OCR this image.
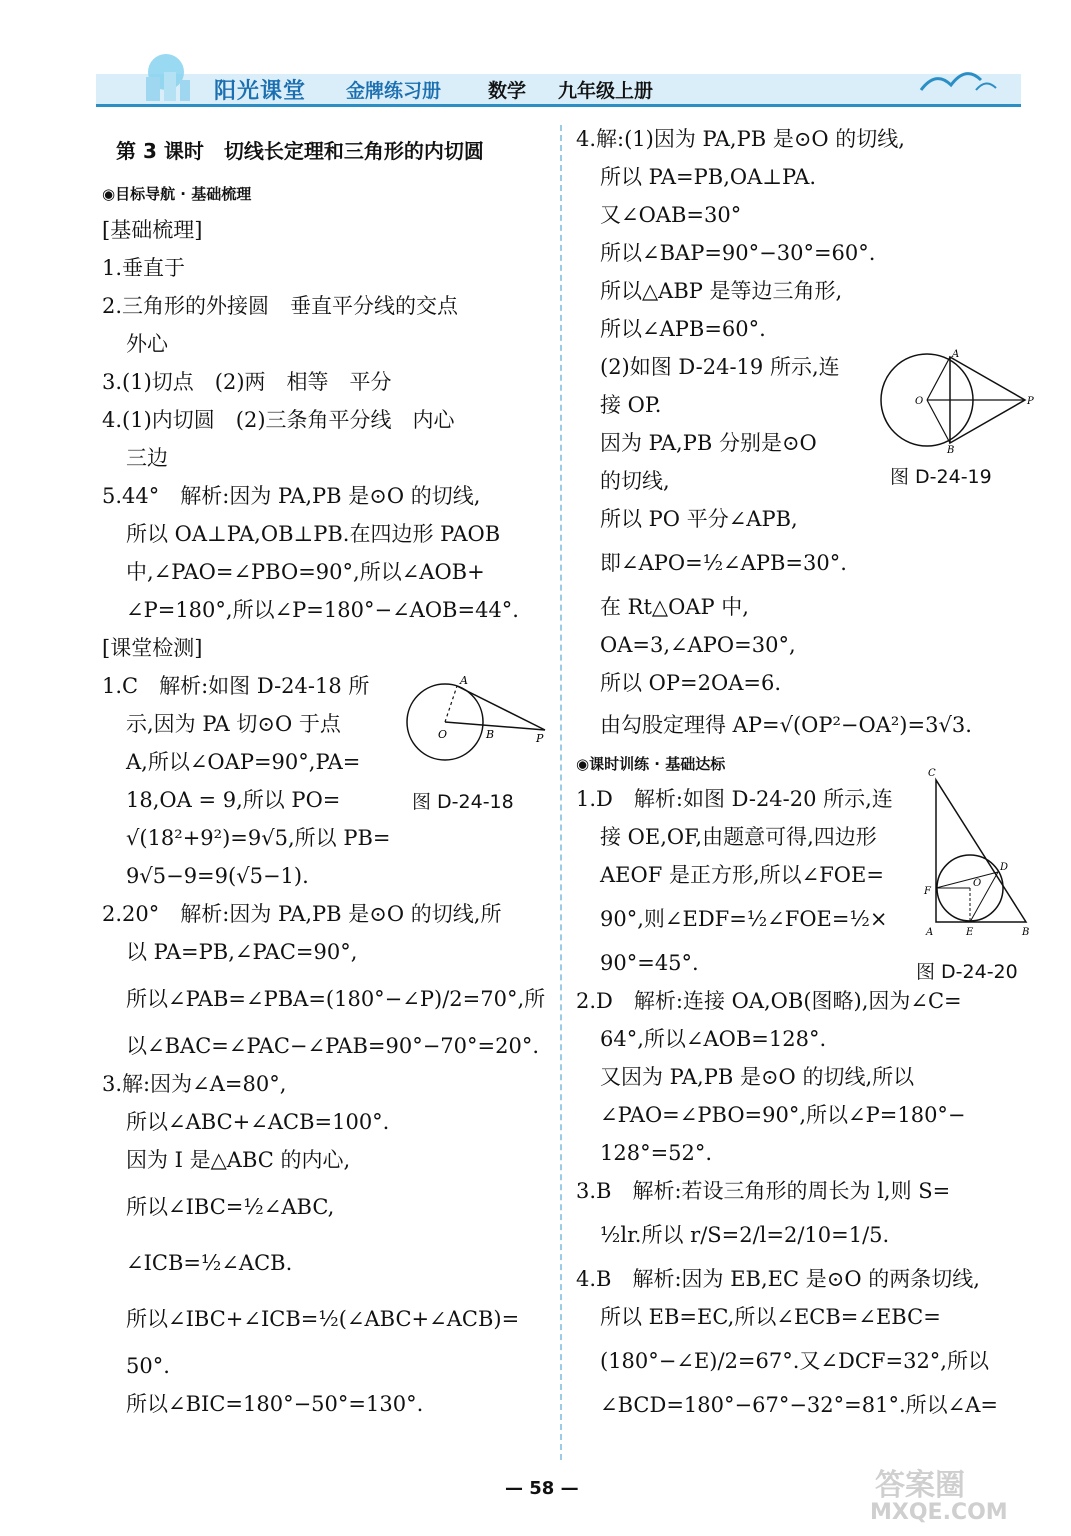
阳光课堂 金牌练习册 数学 九年级上册

第 3 课时　切线长定理和三角形的内切圆

◉目标导航 · 基础梳理

[基础梳理]

1.垂直于

2.三角形的外接圆　垂直平分线的交点

外心

3.(1)切点　(2)两　相等　平分

4.(1)内切圆　(2)三条角平分线　内心

三边

5.44°　解析:因为 PA,PB 是⊙O 的切线,

所以 OA⊥PA,OB⊥PB.在四边形 PAOB

中,∠PAO=∠PBO=90°,所以∠AOB+

∠P=180°,所以∠P=180°−∠AOB=44°.

[课堂检测]

1.C　解析:如图 D-24-18 所

示,因为 PA 切⊙O 于点

A,所以∠OAP=90°,PA=

18,OA = 9,所以 PO=

√(18²+9²)=9√5,所以 PB=

9√5−9=9(√5−1).

2.20°　解析:因为 PA,PB 是⊙O 的切线,所

以 PA=PB,∠PAC=90°,

所以∠PAB=∠PBA=(180°−∠P)/2=70°,所

以∠BAC=∠PAC−∠PAB=90°−70°=20°.

3.解:因为∠A=80°,

所以∠ABC+∠ACB=100°.

因为 I 是△ABC 的内心,

所以∠IBC=½∠ABC,

∠ICB=½∠ACB.

所以∠IBC+∠ICB=½(∠ABC+∠ACB)=

50°.

所以∠BIC=180°−50°=130°.

4.解:(1)因为 PA,PB 是⊙O 的切线,

所以 PA=PB,OA⊥PA.

又∠OAB=30°

所以∠BAP=90°−30°=60°.

所以△ABP 是等边三角形,

所以∠APB=60°.

(2)如图 D-24-19 所示,连

接 OP.

因为 PA,PB 分别是⊙O

的切线,

所以 PO 平分∠APB,

即∠APO=½∠APB=30°.

在 Rt△OAP 中,

OA=3,∠APO=30°,

所以 OP=2OA=6.

由勾股定理得 AP=√(OP²−OA²)=3√3.

◉课时训练 · 基础达标

1.D　解析:如图 D-24-20 所示,连

接 OE,OF,由题意可得,四边形

AEOF 是正方形,所以∠FOE=

90°,则∠EDF=½∠FOE=½×

90°=45°.

2.D　解析:连接 OA,OB(图略),因为∠C=

64°,所以∠AOB=128°.

又因为 PA,PB 是⊙O 的切线,所以

∠PAO=∠PBO=90°,所以∠P=180°−

128°=52°.

3.B　解析:若设三角形的周长为 l,则 S=

½lr.所以 r/S=2/l=2/10=1/5.

4.B　解析:因为 EB,EC 是⊙O 的两条切线,

所以 EB=EC,所以∠ECB=∠EBC=

(180°−∠E)/2=67°.又∠DCF=32°,所以

∠BCD=180°−67°−32°=81°.所以∠A=

A
O	B	P
图 D-24-18
A
O	P
B
图 D-24-19
C
D
F
O
A	E	B
图 D-24-20
— 58 —	答案圈
MXQE.COM
